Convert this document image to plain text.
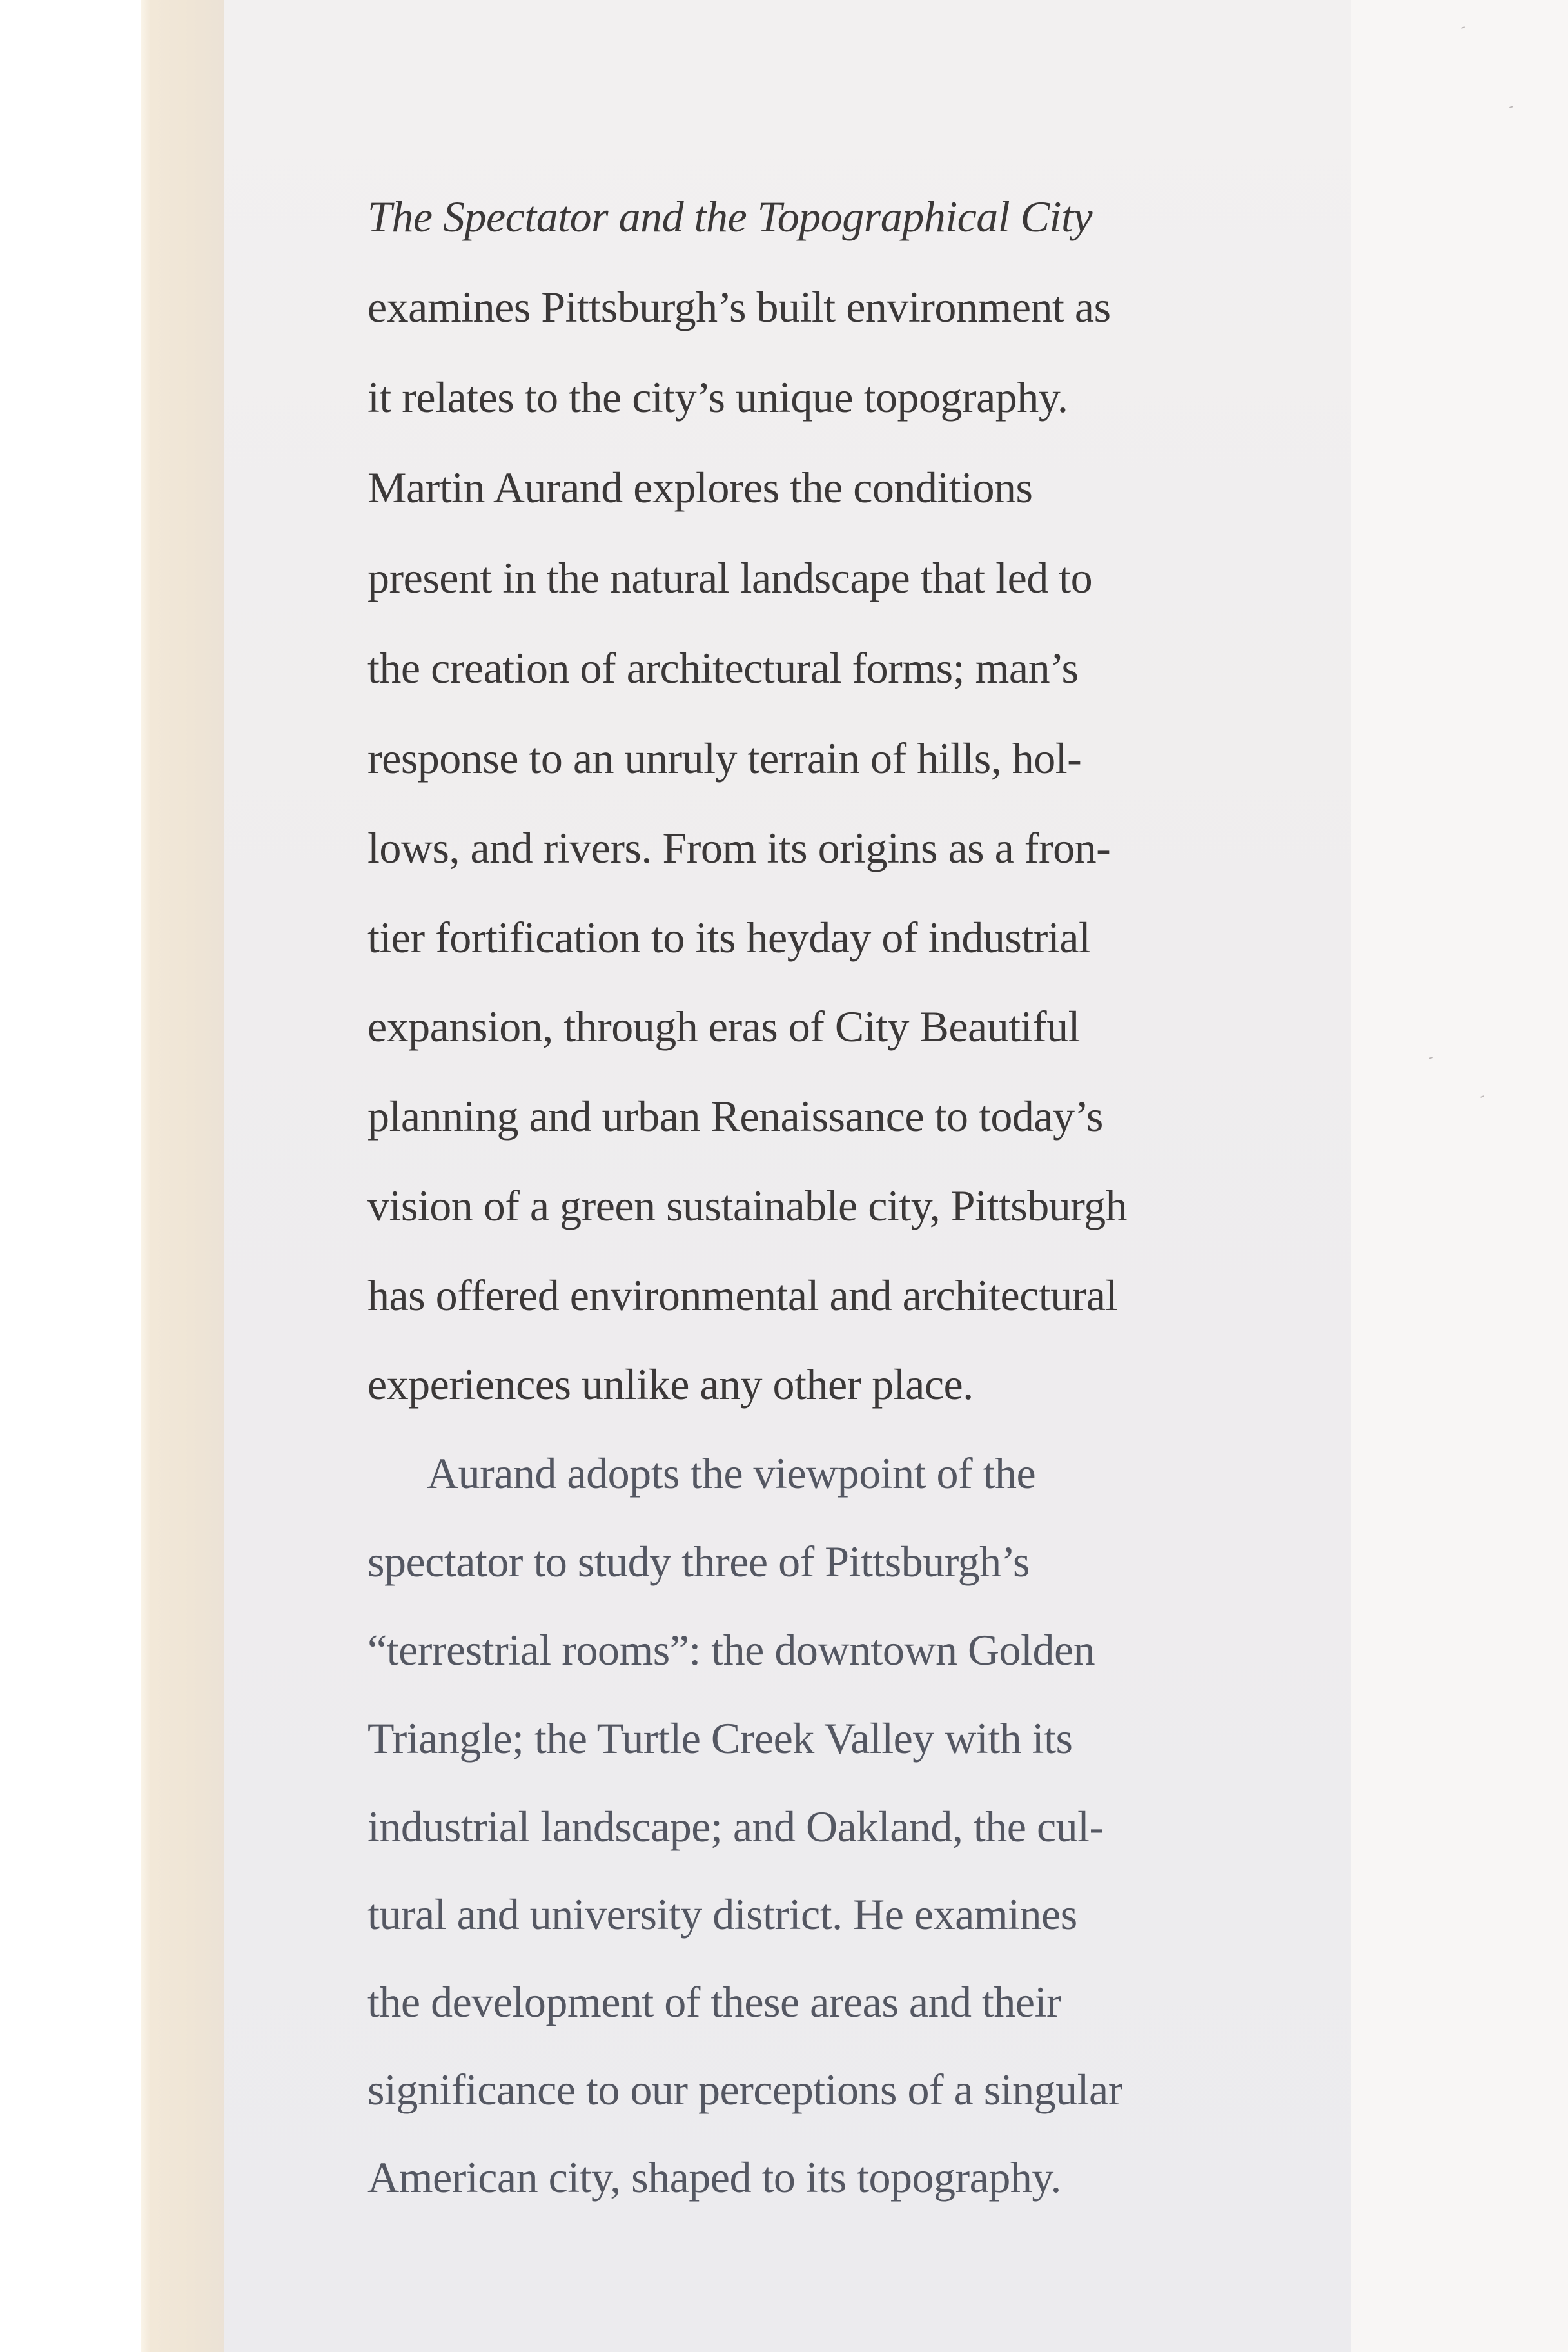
The Spectator and the Topographical City
examines Pittsburgh’s built environment as
it relates to the city’s unique topography.
Martin Aurand explores the conditions
present in the natural landscape that led to
the creation of architectural forms; man’s
response to an unruly terrain of hills, hol-
lows, and rivers. From its origins as a fron-
tier fortification to its heyday of industrial
expansion, through eras of City Beautiful
planning and urban Renaissance to today’s
vision of a green sustainable city, Pittsburgh
has offered environmental and architectural
experiences unlike any other place.
Aurand adopts the viewpoint of the
spectator to study three of Pittsburgh’s
“terrestrial rooms”: the downtown Golden
Triangle; the Turtle Creek Valley with its
industrial landscape; and Oakland, the cul-
tural and university district. He examines
the development of these areas and their
significance to our perceptions of a singular
American city, shaped to its topography.
